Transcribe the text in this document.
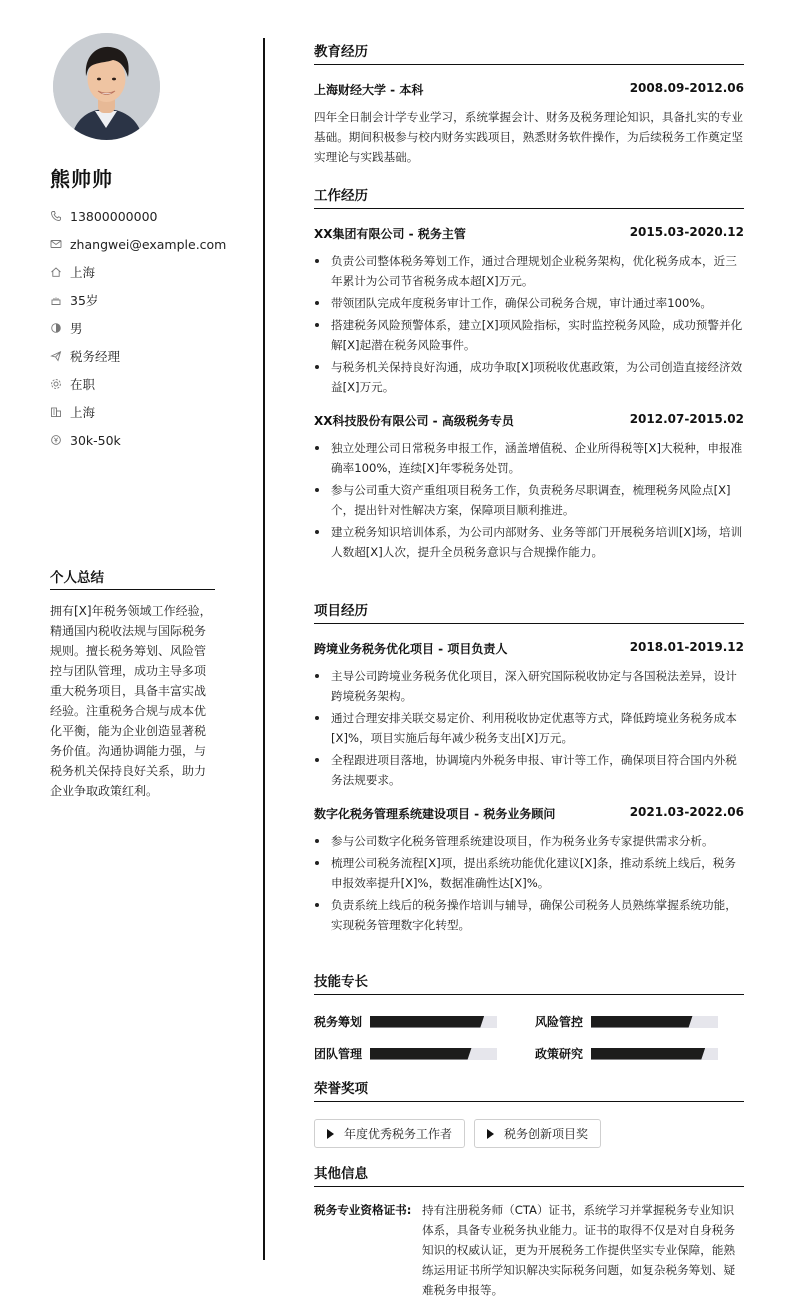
熊帅帅
13800000000
zhangwei@example.com
上海
35岁
男
税务经理
在职
上海
30k-50k
个人总结
拥有[X]年税务领域工作经验，精通国内税收法规与国际税务规则。擅长税务筹划、风险管控与团队管理，成功主导多项重大税务项目，具备丰富实战经验。注重税务合规与成本优化平衡，能为企业创造显著税务价值。沟通协调能力强，与税务机关保持良好关系，助力企业争取政策红利。
教育经历
上海财经大学 - 本科	2008.09-2012.06
四年全日制会计学专业学习，系统掌握会计、财务及税务理论知识，具备扎实的专业基础。期间积极参与校内财务实践项目，熟悉财务软件操作，为后续税务工作奠定坚实理论与实践基础。
工作经历
XX集团有限公司 - 税务主管	2015.03-2020.12
负责公司整体税务筹划工作，通过合理规划企业税务架构，优化税务成本，近三年累计为公司节省税务成本超[X]万元。
带领团队完成年度税务审计工作，确保公司税务合规，审计通过率100%。
搭建税务风险预警体系，建立[X]项风险指标，实时监控税务风险，成功预警并化解[X]起潜在税务风险事件。
与税务机关保持良好沟通，成功争取[X]项税收优惠政策，为公司创造直接经济效益[X]万元。
XX科技股份有限公司 - 高级税务专员	2012.07-2015.02
独立处理公司日常税务申报工作，涵盖增值税、企业所得税等[X]大税种，申报准确率100%，连续[X]年零税务处罚。
参与公司重大资产重组项目税务工作，负责税务尽职调查，梳理税务风险点[X]个，提出针对性解决方案，保障项目顺利推进。
建立税务知识培训体系，为公司内部财务、业务等部门开展税务培训[X]场，培训人数超[X]人次，提升全员税务意识与合规操作能力。
项目经历
跨境业务税务优化项目 - 项目负责人	2018.01-2019.12
主导公司跨境业务税务优化项目，深入研究国际税收协定与各国税法差异，设计跨境税务架构。
通过合理安排关联交易定价、利用税收协定优惠等方式，降低跨境业务税务成本[X]%，项目实施后每年减少税务支出[X]万元。
全程跟进项目落地，协调境内外税务申报、审计等工作，确保项目符合国内外税务法规要求。
数字化税务管理系统建设项目 - 税务业务顾问	2021.03-2022.06
参与公司数字化税务管理系统建设项目，作为税务业务专家提供需求分析。
梳理公司税务流程[X]项，提出系统功能优化建议[X]条，推动系统上线后，税务申报效率提升[X]%，数据准确性达[X]%。
负责系统上线后的税务操作培训与辅导，确保公司税务人员熟练掌握系统功能，实现税务管理数字化转型。
技能专长
税务筹划	风险管控
团队管理	政策研究
荣誉奖项
年度优秀税务工作者	税务创新项目奖
其他信息
税务专业资格证书: 持有注册税务师（CTA）证书，系统学习并掌握税务专业知识体系，具备专业税务执业能力。证书的取得不仅是对自身税务知识的权威认证，更为开展税务工作提供坚实专业保障，能熟练运用证书所学知识解决实际税务问题，如复杂税务筹划、疑难税务申报等。
